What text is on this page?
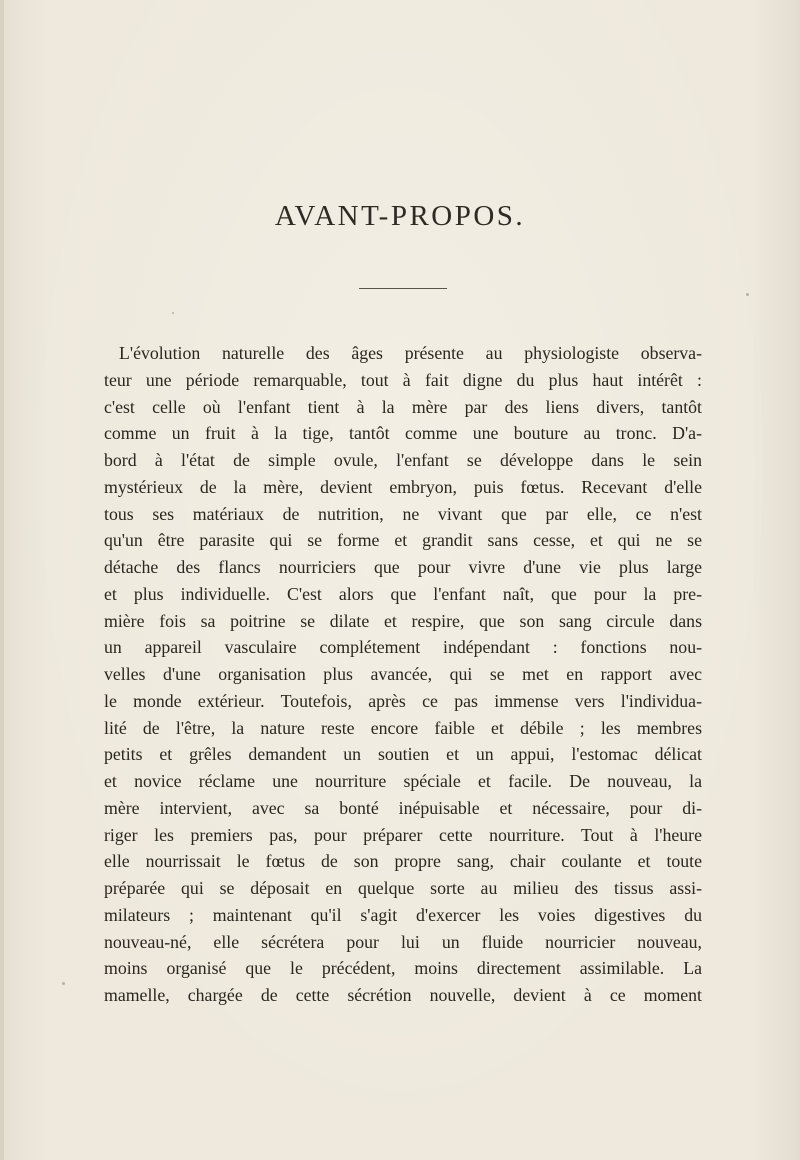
AVANT-PROPOS.
L'évolution naturelle des âges présente au physiologiste observa-
teur une période remarquable, tout à fait digne du plus haut intérêt :
c'est celle où l'enfant tient à la mère par des liens divers, tantôt
comme un fruit à la tige, tantôt comme une bouture au tronc. D'a-
bord à l'état de simple ovule, l'enfant se développe dans le sein
mystérieux de la mère, devient embryon, puis fœtus. Recevant d'elle
tous ses matériaux de nutrition, ne vivant que par elle, ce n'est
qu'un être parasite qui se forme et grandit sans cesse, et qui ne se
détache des flancs nourriciers que pour vivre d'une vie plus large
et plus individuelle. C'est alors que l'enfant naît, que pour la pre-
mière fois sa poitrine se dilate et respire, que son sang circule dans
un appareil vasculaire complétement indépendant : fonctions nou-
velles d'une organisation plus avancée, qui se met en rapport avec
le monde extérieur. Toutefois, après ce pas immense vers l'individua-
lité de l'être, la nature reste encore faible et débile ; les membres
petits et grêles demandent un soutien et un appui, l'estomac délicat
et novice réclame une nourriture spéciale et facile. De nouveau, la
mère intervient, avec sa bonté inépuisable et nécessaire, pour di-
riger les premiers pas, pour préparer cette nourriture. Tout à l'heure
elle nourrissait le fœtus de son propre sang, chair coulante et toute
préparée qui se déposait en quelque sorte au milieu des tissus assi-
milateurs ; maintenant qu'il s'agit d'exercer les voies digestives du
nouveau-né, elle sécrétera pour lui un fluide nourricier nouveau,
moins organisé que le précédent, moins directement assimilable. La
mamelle, chargée de cette sécrétion nouvelle, devient à ce moment
